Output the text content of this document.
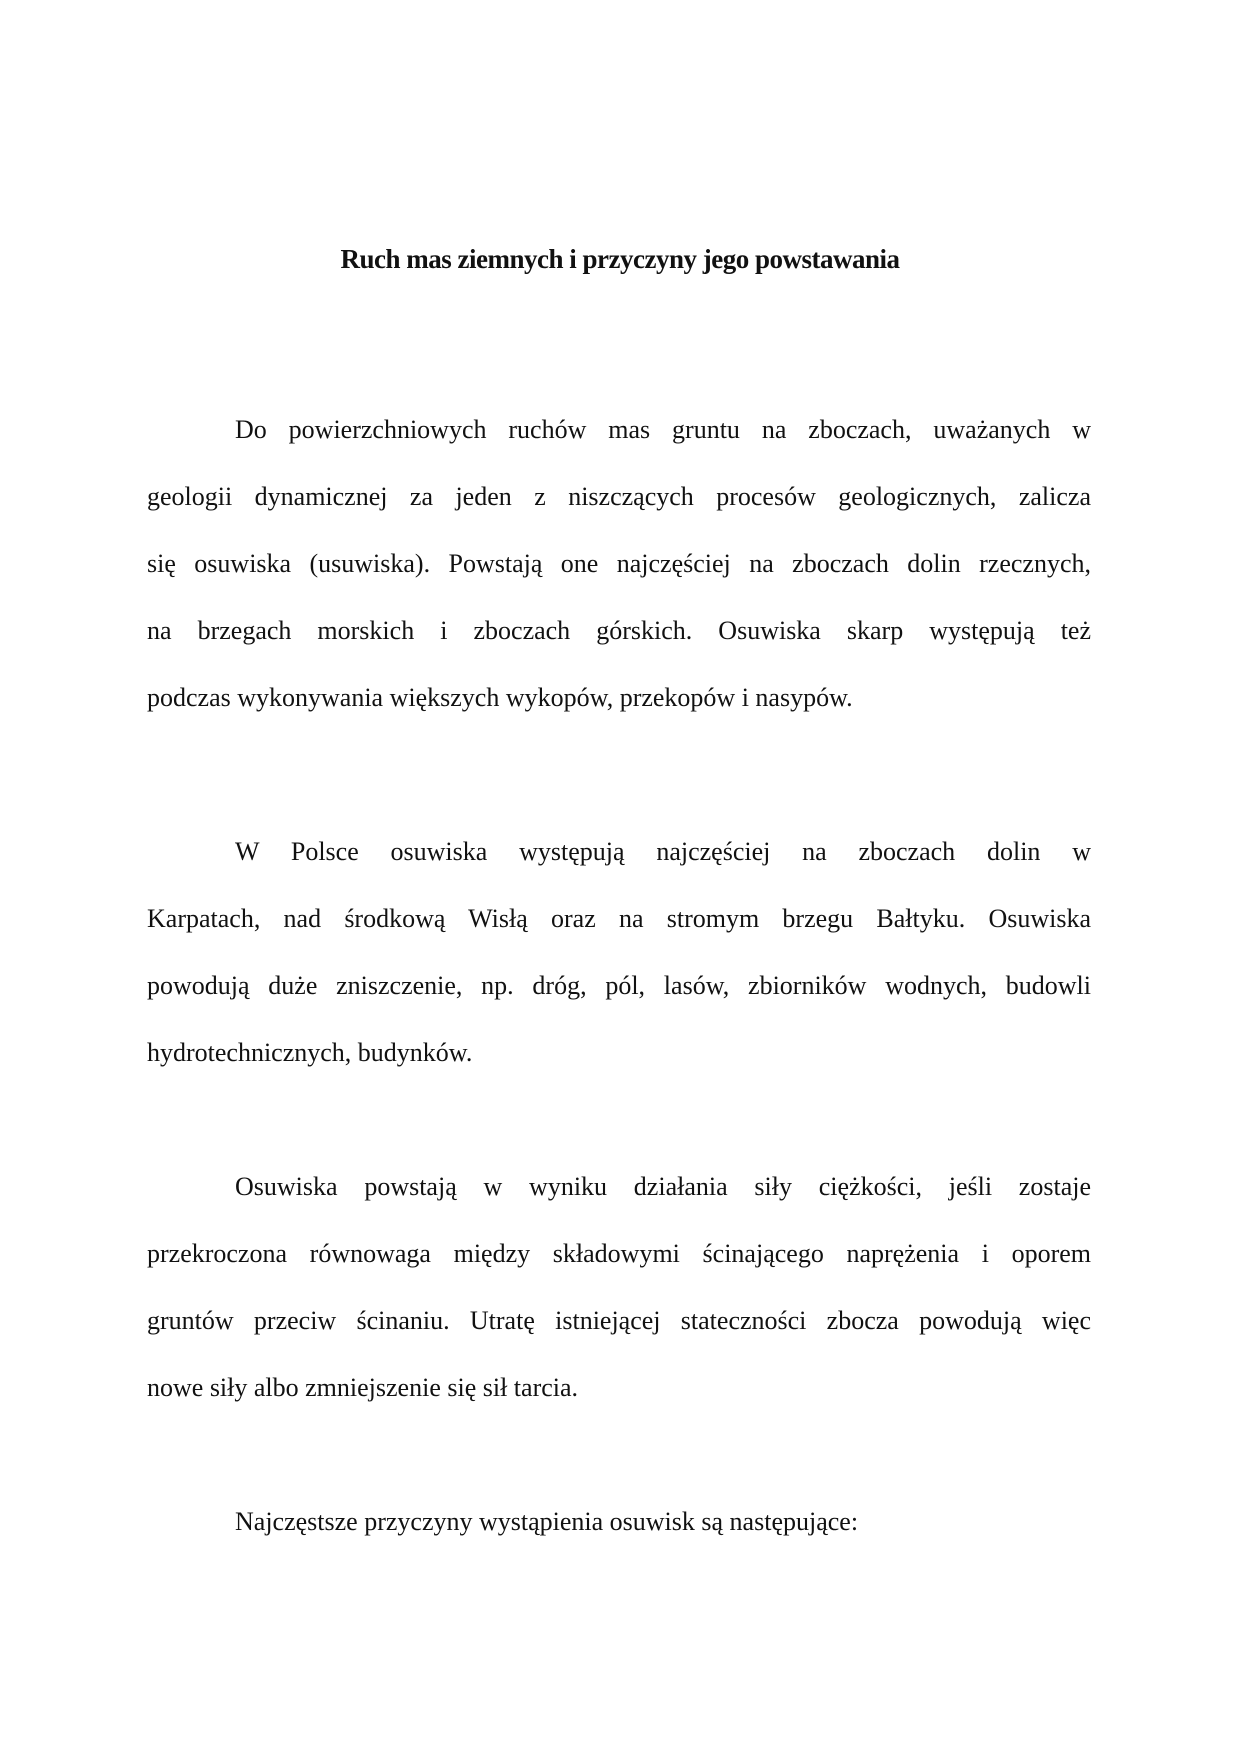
Ruch mas ziemnych i przyczyny jego powstawania
Do powierzchniowych ruchów mas gruntu na zboczach, uważanych w
geologii dynamicznej za jeden z niszczących procesów geologicznych, zalicza
się osuwiska (usuwiska). Powstają one najczęściej na zboczach dolin rzecznych,
na brzegach morskich i zboczach górskich. Osuwiska skarp występują też
podczas wykonywania większych wykopów, przekopów i nasypów.
W Polsce osuwiska występują najczęściej na zboczach dolin w
Karpatach, nad środkową Wisłą oraz na stromym brzegu Bałtyku. Osuwiska
powodują duże zniszczenie, np. dróg, pól, lasów, zbiorników wodnych, budowli
hydrotechnicznych, budynków.
Osuwiska powstają w wyniku działania siły ciężkości, jeśli zostaje
przekroczona równowaga między składowymi ścinającego naprężenia i oporem
gruntów przeciw ścinaniu. Utratę istniejącej stateczności zbocza powodują więc
nowe siły albo zmniejszenie się sił tarcia.
Najczęstsze przyczyny wystąpienia osuwisk są następujące:
